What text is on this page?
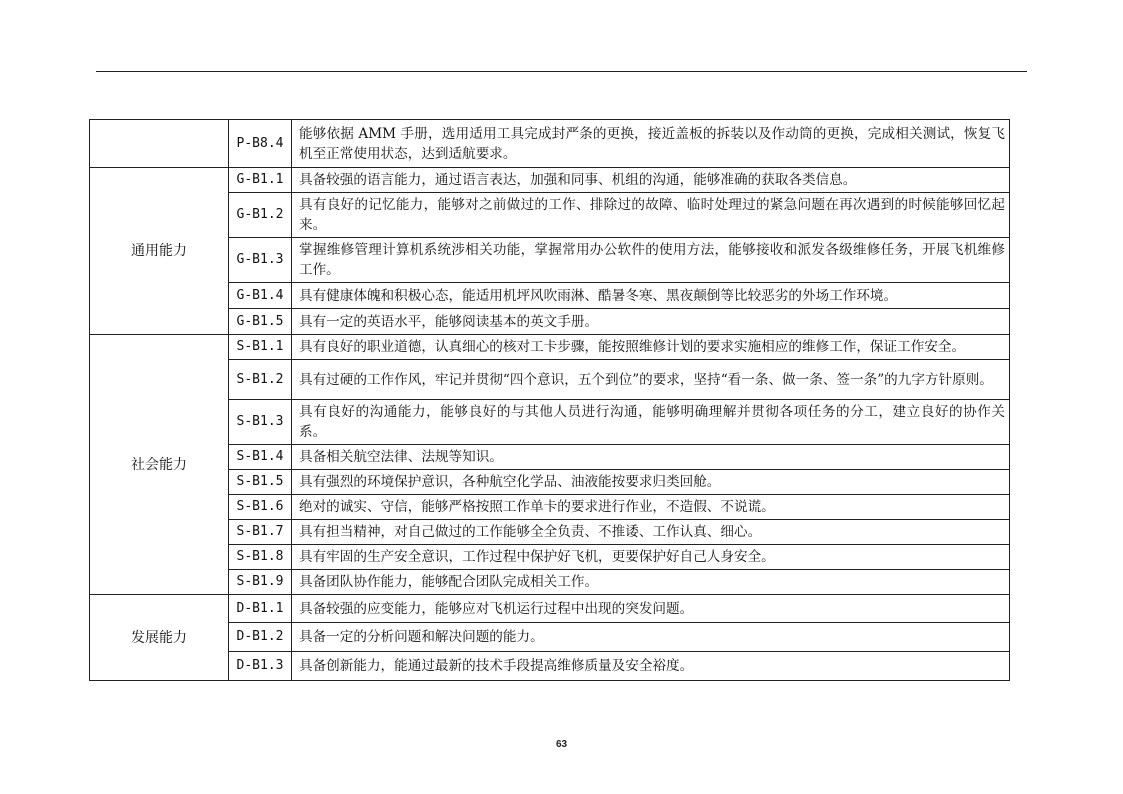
	P-B8.4	能够依据 AMM 手册，选用适用工具完成封严条的更换，接近盖板的拆装以及作动筒的更换，完成相关测试，恢复飞机至正常使用状态，达到适航要求。
通用能力	G-B1.1	具备较强的语言能力，通过语言表达，加强和同事、机组的沟通，能够准确的获取各类信息。
	G-B1.2	具有良好的记忆能力，能够对之前做过的工作、排除过的故障、临时处理过的紧急问题在再次遇到的时候能够回忆起来。
	G-B1.3	掌握维修管理计算机系统涉相关功能，掌握常用办公软件的使用方法，能够接收和派发各级维修任务，开展飞机维修工作。
	G-B1.4	具有健康体魄和积极心态，能适用机坪风吹雨淋、酷暑冬寒、黑夜颠倒等比较恶劣的外场工作环境。
	G-B1.5	具有一定的英语水平，能够阅读基本的英文手册。
社会能力	S-B1.1	具有良好的职业道德，认真细心的核对工卡步骤，能按照维修计划的要求实施相应的维修工作，保证工作安全。
	S-B1.2	具有过硬的工作作风，牢记并贯彻“四个意识，五个到位”的要求，坚持“看一条、做一条、签一条”的九字方针原则。
	S-B1.3	具有良好的沟通能力，能够良好的与其他人员进行沟通，能够明确理解并贯彻各项任务的分工，建立良好的协作关系。
	S-B1.4	具备相关航空法律、法规等知识。
	S-B1.5	具有强烈的环境保护意识，各种航空化学品、油液能按要求归类回舱。
	S-B1.6	绝对的诚实、守信，能够严格按照工作单卡的要求进行作业，不造假、不说谎。
	S-B1.7	具有担当精神，对自己做过的工作能够全全负责、不推诿、工作认真、细心。
	S-B1.8	具有牢固的生产安全意识，工作过程中保护好飞机，更要保护好自己人身安全。
	S-B1.9	具备团队协作能力，能够配合团队完成相关工作。
发展能力	D-B1.1	具备较强的应变能力，能够应对飞机运行过程中出现的突发问题。
	D-B1.2	具备一定的分析问题和解决问题的能力。
	D-B1.3	具备创新能力，能通过最新的技术手段提高维修质量及安全裕度。
63
